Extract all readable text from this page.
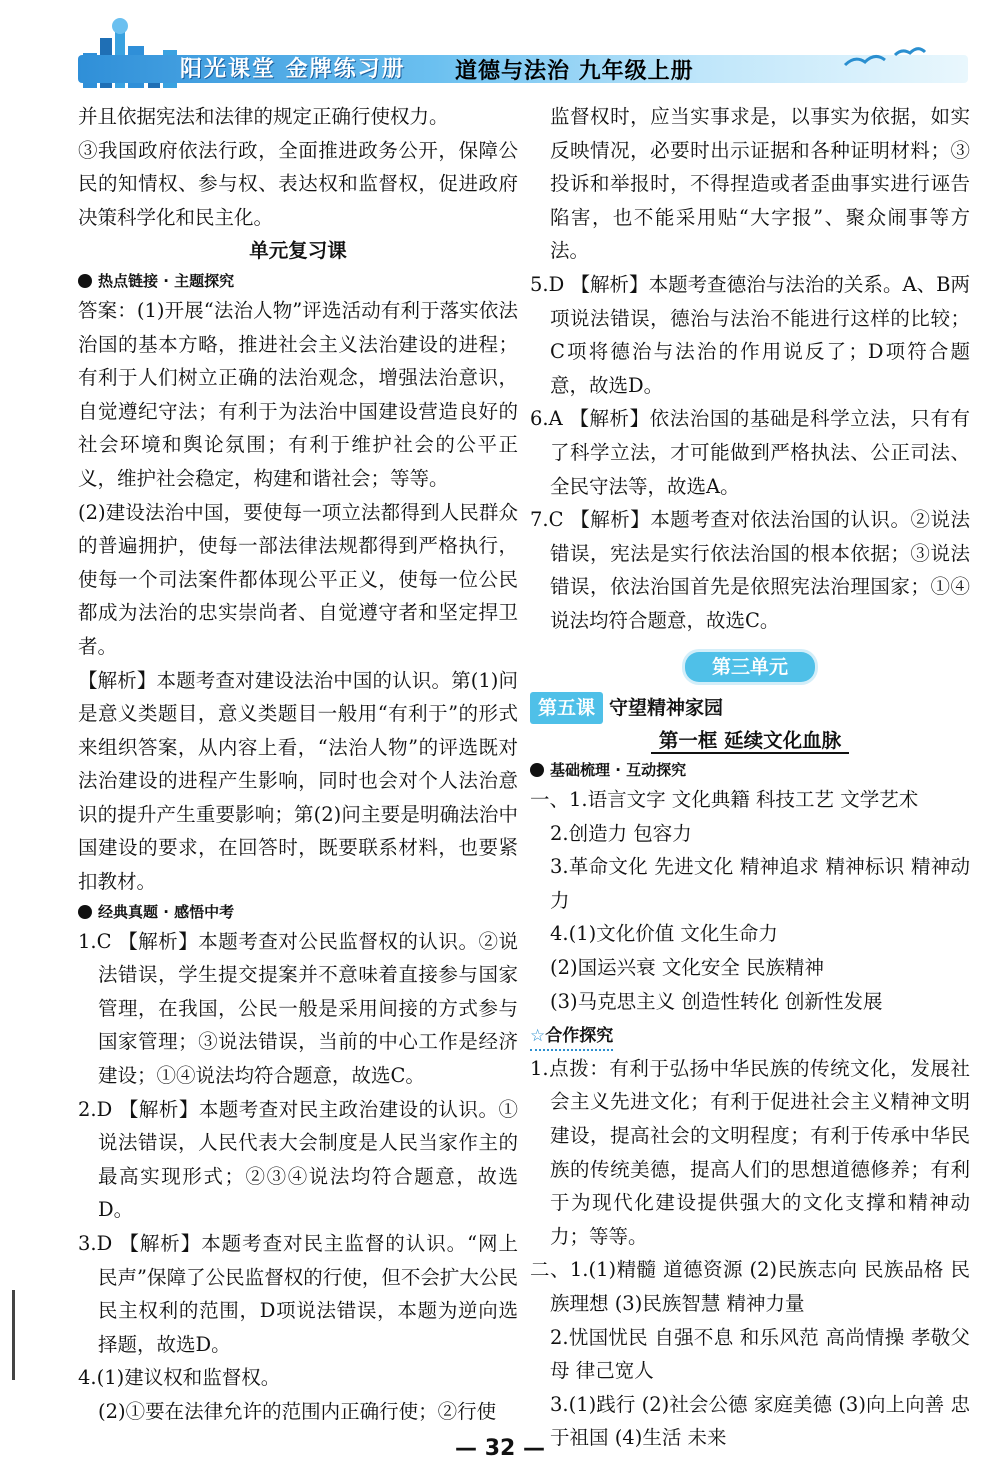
阳光课堂 金牌练习册 道德与法治 九年级上册

并且依据宪法和法律的规定正确行使权力。

③我国政府依法行政，全面推进政务公开，保障公民的知情权、参与权、表达权和监督权，促进政府决策科学化和民主化。

单元复习课

热点链接 · 主题探究

答案：(1)开展“法治人物”评选活动有利于落实依法治国的基本方略，推进社会主义法治建设的进程；有利于人们树立正确的法治观念，增强法治意识，自觉遵纪守法；有利于为法治中国建设营造良好的社会环境和舆论氛围；有利于维护社会的公平正义，维护社会稳定，构建和谐社会；等等。

(2)建设法治中国，要使每一项立法都得到人民群众的普遍拥护，使每一部法律法规都得到严格执行，使每一个司法案件都体现公平正义，使每一位公民都成为法治的忠实崇尚者、自觉遵守者和坚定捍卫者。

【解析】本题考查对建设法治中国的认识。第(1)问是意义类题目，意义类题目一般用“有利于”的形式来组织答案，从内容上看，“法治人物”的评选既对法治建设的进程产生影响，同时也会对个人法治意识的提升产生重要影响；第(2)问主要是明确法治中国建设的要求，在回答时，既要联系材料，也要紧扣教材。

经典真题 · 感悟中考

1.C 【解析】本题考查对公民监督权的认识。②说法错误，学生提交提案并不意味着直接参与国家管理，在我国，公民一般是采用间接的方式参与国家管理；③说法错误，当前的中心工作是经济建设；①④说法均符合题意，故选C。

2.D 【解析】本题考查对民主政治建设的认识。①说法错误，人民代表大会制度是人民当家作主的最高实现形式；②③④说法均符合题意，故选D。

3.D 【解析】本题考查对民主监督的认识。“网上民声”保障了公民监督权的行使，但不会扩大公民民主权利的范围，D项说法错误，本题为逆向选择题，故选D。

4.(1)建议权和监督权。

(2)①要在法律允许的范围内正确行使；②行使

监督权时，应当实事求是，以事实为依据，如实反映情况，必要时出示证据和各种证明材料；③投诉和举报时，不得捏造或者歪曲事实进行诬告陷害，也不能采用贴“大字报”、聚众闹事等方法。

5.D 【解析】本题考查德治与法治的关系。A、B两项说法错误，德治与法治不能进行这样的比较；C项将德治与法治的作用说反了；D项符合题意，故选D。

6.A 【解析】依法治国的基础是科学立法，只有有了科学立法，才可能做到严格执法、公正司法、全民守法等，故选A。

7.C 【解析】本题考查对依法治国的认识。②说法错误，宪法是实行依法治国的根本依据；③说法错误，依法治国首先是依照宪法治理国家；①④说法均符合题意，故选C。

第三单元

第五课 守望精神家园

第一框 延续文化血脉

基础梳理 · 互动探究

一、1.语言文字 文化典籍 科技工艺 文学艺术

2.创造力 包容力

3.革命文化 先进文化 精神追求 精神标识 精神动力

4.(1)文化价值 文化生命力

(2)国运兴衰 文化安全 民族精神

(3)马克思主义 创造性转化 创新性发展

☆合作探究

1.点拨：有利于弘扬中华民族的传统文化，发展社会主义先进文化；有利于促进社会主义精神文明建设，提高社会的文明程度；有利于传承中华民族的传统美德，提高人们的思想道德修养；有利于为现代化建设提供强大的文化支撑和精神动力；等等。

二、1.(1)精髓 道德资源 (2)民族志向 民族品格 民族理想 (3)民族智慧 精神力量

2.忧国忧民 自强不息 和乐风范 高尚情操 孝敬父母 律己宽人

3.(1)践行 (2)社会公德 家庭美德 (3)向上向善 忠于祖国 (4)生活 未来

— 32 —
